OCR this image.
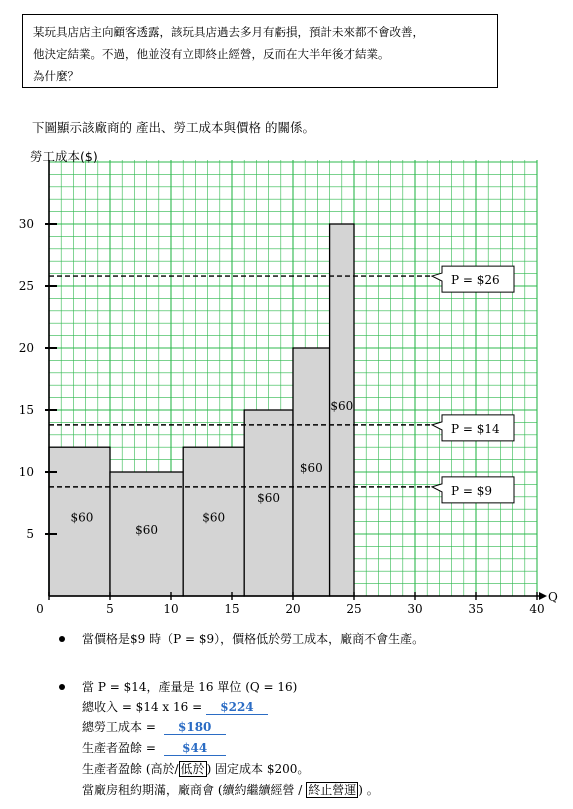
某玩具店店主向顧客透露，該玩具店過去多月有虧損，預計未來都不會改善，
他決定結業。不過，他並沒有立即終止經營，反而在大半年後才結業。
為什麼？
下圖顯示該廠商的 產出、勞工成本與價格 的關係。
$60
$60
$60
$60
$60
$60
5
10
15
20
25
30
0	5	10	15	20	25	30	35	40
勞工成本($)
Q
P = $26
P = $14
P = $9
當價格是$9 時（P = $9），價格低於勞工成本，廠商不會生產。
當 P = $14，產量是 16 單位 (Q = 16)
總收入 = $14 x 16 = $224
總勞工成本 = $180
生產者盈餘 = $44
生產者盈餘 (高於/ 低於 ) 固定成本 $200。
當廠房租約期滿，廠商會 (續約繼續經營 / 終止營運 ) 。
